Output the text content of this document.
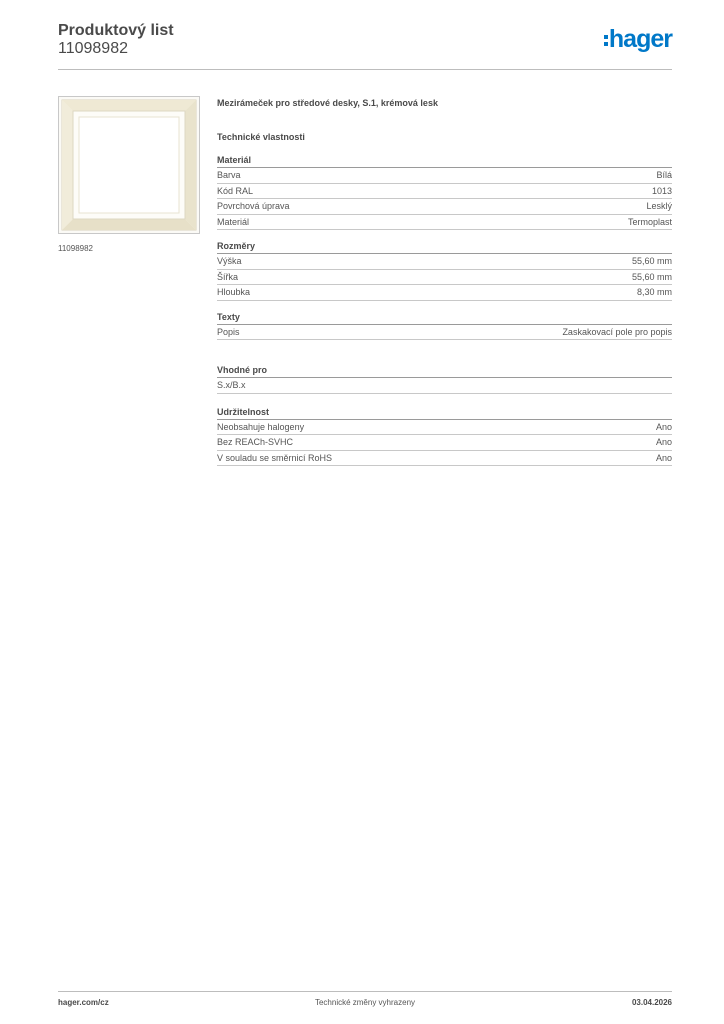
Produktový list
11098982	hager
11098982
Mezirámeček pro středové desky, S.1, krémová lesk
Technické vlastnosti
Materiál
Barva	Bílá
Kód RAL	1013
Povrchová úprava	Lesklý
Materiál	Termoplast
Rozměry
Výška	55,60 mm
Šířka	55,60 mm
Hloubka	8,30 mm
Texty
Popis	Zaskakovací pole pro popis
Vhodné pro
S.x/B.x
Udržitelnost
Neobsahuje halogeny	Ano
Bez REACh-SVHC	Ano
V souladu se směrnicí RoHS	Ano
hager.com/cz	Technické změny vyhrazeny	03.04.2026
